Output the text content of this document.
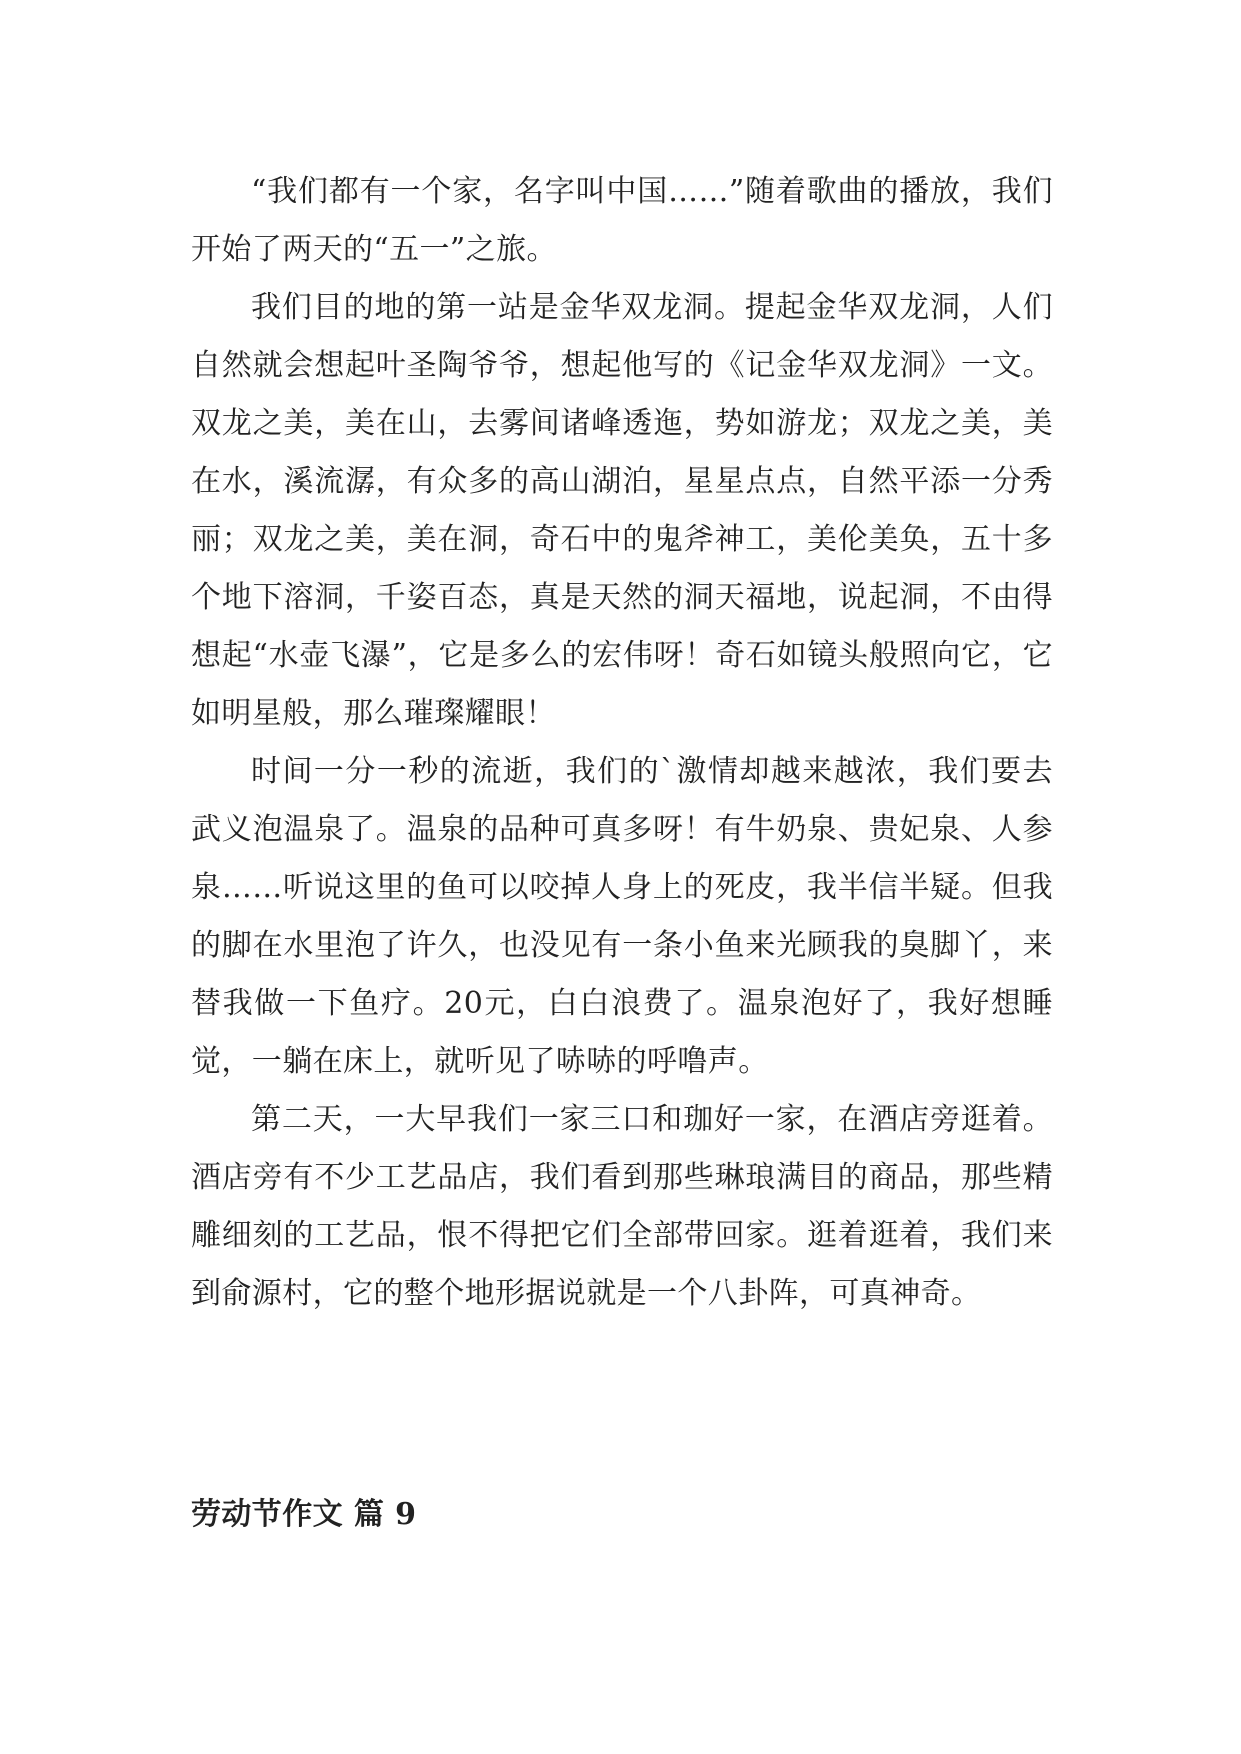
“我们都有一个家，名字叫中国……”随着歌曲的播放，我们开始了两天的“五一”之旅。

我们目的地的第一站是金华双龙洞。提起金华双龙洞，人们自然就会想起叶圣陶爷爷，想起他写的《记金华双龙洞》一文。双龙之美，美在山，去雾间诸峰透迤，势如游龙；双龙之美，美在水，溪流潺，有众多的高山湖泊，星星点点，自然平添一分秀丽；双龙之美，美在洞，奇石中的鬼斧神工，美伦美奂，五十多个地下溶洞，千姿百态，真是天然的洞天福地，说起洞，不由得想起“水壶飞瀑”，它是多么的宏伟呀！奇石如镜头般照向它，它如明星般，那么璀璨耀眼！

时间一分一秒的流逝，我们的`激情却越来越浓，我们要去武义泡温泉了。温泉的品种可真多呀！有牛奶泉、贵妃泉、人参泉……听说这里的鱼可以咬掉人身上的死皮，我半信半疑。但我的脚在水里泡了许久，也没见有一条小鱼来光顾我的臭脚丫，来替我做一下鱼疗。20元，白白浪费了。温泉泡好了，我好想睡觉，一躺在床上，就听见了哧哧的呼噜声。

第二天，一大早我们一家三口和珈好一家，在酒店旁逛着。酒店旁有不少工艺品店，我们看到那些琳琅满目的商品，那些精雕细刻的工艺品，恨不得把它们全部带回家。逛着逛着，我们来到俞源村，它的整个地形据说就是一个八卦阵，可真神奇。

劳动节作文 篇 9
